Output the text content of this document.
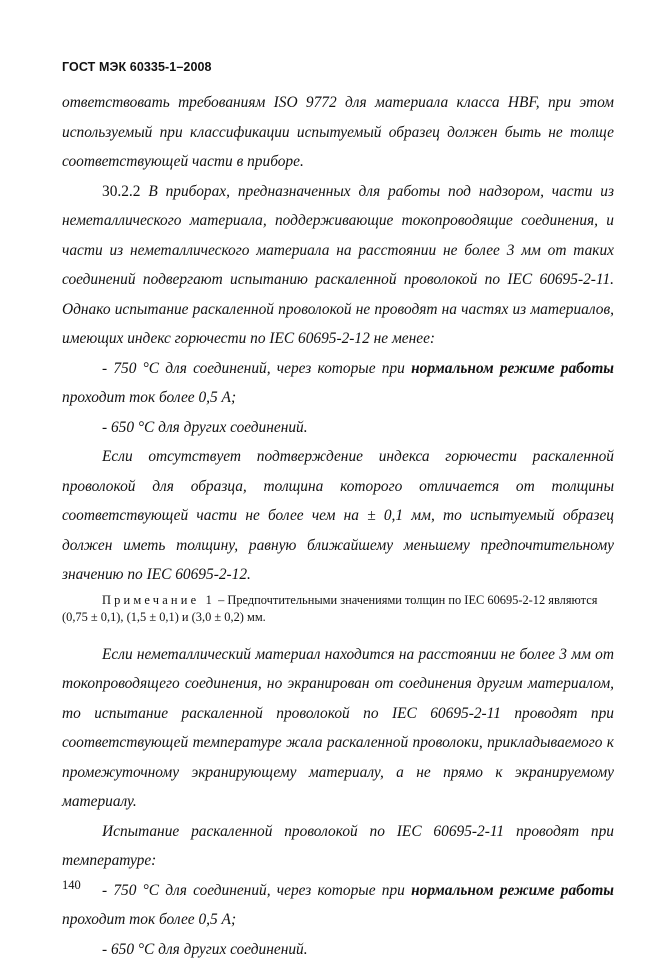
ГОСТ МЭК 60335-1–2008

ответствовать требованиям ISO 9772 для материала класса HBF, при этом используемый при классификации испытуемый образец должен быть не толще соответствующей части в приборе.

30.2.2 В приборах, предназначенных для работы под надзором, части из неметаллического материала, поддерживающие токопроводящие соединения, и части из неметаллического материала на расстоянии не более 3 мм от таких соединений подвергают испытанию раскаленной проволокой по IEC 60695-2-11. Однако испытание раскаленной проволокой не проводят на частях из материалов, имеющих индекс горючести по IEC 60695-2-12 не менее:

- 750 °С для соединений, через которые при нормальном режиме работы проходит ток более 0,5 А;

- 650 °С для других соединений.

Если отсутствует подтверждение индекса горючести раскаленной проволокой для образца, толщина которого отличается от толщины соответствующей части не более чем на ± 0,1 мм, то испытуемый образец должен иметь толщину, равную ближайшему меньшему предпочтительному значению по IEC 60695-2-12.

Примечание 1 – Предпочтительными значениями толщин по IEC 60695-2-12 являются (0,75 ± 0,1), (1,5 ± 0,1) и (3,0 ± 0,2) мм.

Если неметаллический материал находится на расстоянии не более 3 мм от токопроводящего соединения, но экранирован от соединения другим материалом, то испытание раскаленной проволокой по IEC 60695-2-11 проводят при соответствующей температуре жала раскаленной проволоки, прикладываемого к промежуточному экранирующему материалу, а не прямо к экранируемому материалу.

Испытание раскаленной проволокой по IEC 60695-2-11 проводят при температуре:

- 750 °С для соединений, через которые при нормальном режиме работы проходит ток более 0,5 А;

- 650 °С для других соединений.

140
